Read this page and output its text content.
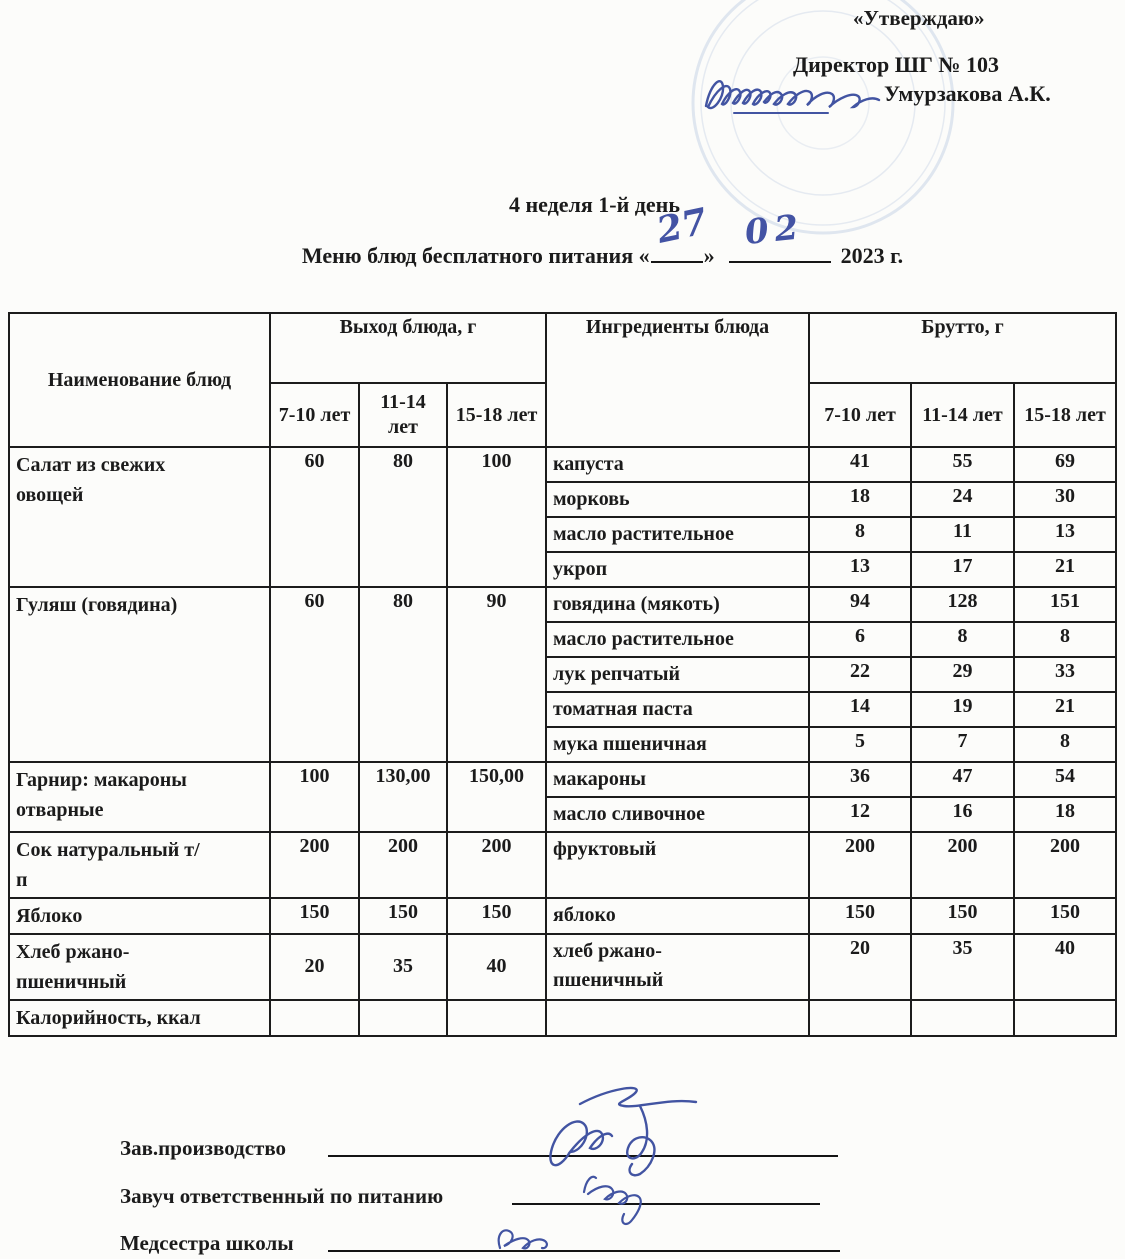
«Утверждаю»
Директор ШГ № 103
Умурзакова А.К.
4 неделя 1-й день
Меню блюд бесплатного питания «
27
»
02
2023 г.
Наименование блюд	Выход блюда, г			Ингредиенты блюда	Брутто, г		
	7-10 лет	11-14 лет	15-18 лет		7-10 лет	11-14 лет	15-18 лет
Салат из свежих овощей	60	80	100	капуста	41	55	69
				морковь	18	24	30
				масло растительное	8	11	13
				укроп	13	17	21
Гуляш (говядина)	60	80	90	говядина (мякоть)	94	128	151
				масло растительное	6	8	8
				лук репчатый	22	29	33
				томатная паста	14	19	21
				мука пшеничная	5	7	8
Гарнир: макароны отварные	100	130,00	150,00	макароны	36	47	54
				масло сливочное	12	16	18
Сок натуральный т/п	200	200	200	фруктовый	200	200	200
Яблоко	150	150	150	яблоко	150	150	150
Хлеб ржано-пшеничный	20	35	40	хлеб ржано-пшеничный	20	35	40
Калорийность, ккал							
Зав.производство
Завуч ответственный по питанию
Медсестра школы
